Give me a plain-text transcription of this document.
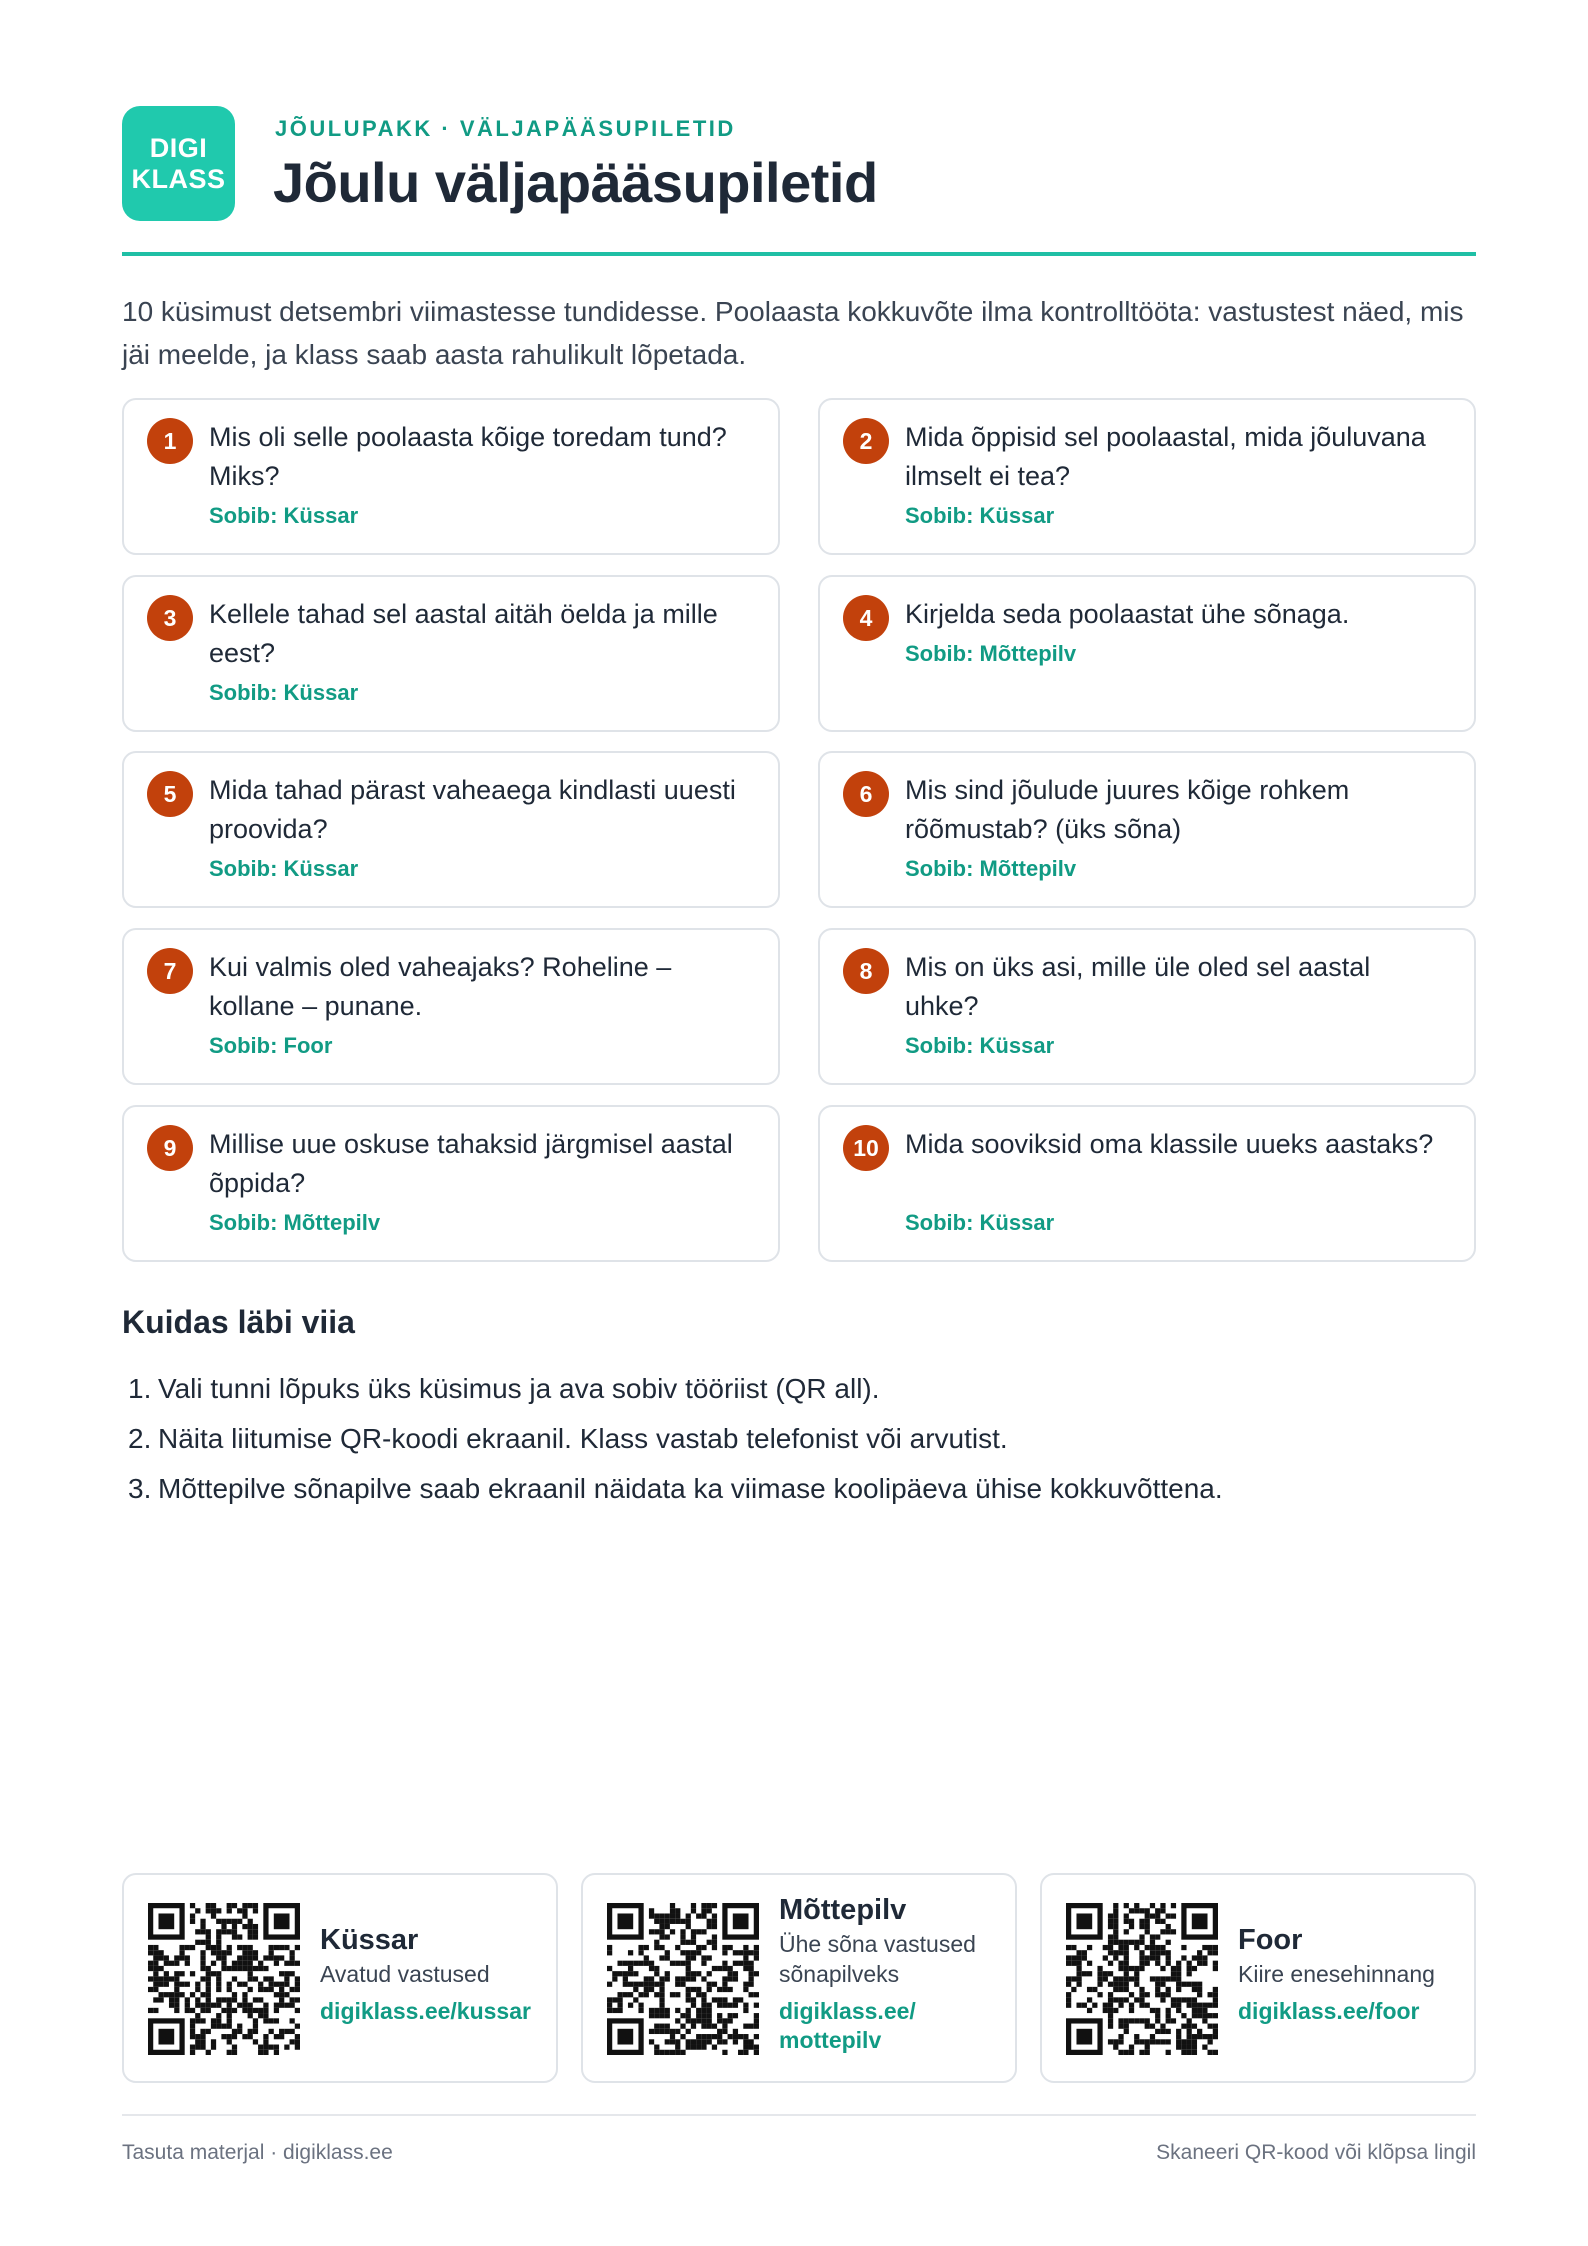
DIGI
KLASS
JÕULUPAKK · VÄLJAPÄÄSUPILETID
Jõulu väljapääsupiletid
10 küsimust detsembri viimastesse tundidesse. Poolaasta kokkuvõte ilma kontrolltööta: vastustest näed, mis jäi meelde, ja klass saab aasta rahulikult lõpetada.
1	Mis oli selle poolaasta kõige toredam tund? Miks?
Sobib: Küssar
2	Mida õppisid sel poolaastal, mida jõuluvana ilmselt ei tea?
Sobib: Küssar
3	Kellele tahad sel aastal aitäh öelda ja mille eest?
Sobib: Küssar
4	Kirjelda seda poolaastat ühe sõnaga.
Sobib: Mõttepilv
5	Mida tahad pärast vaheaega kindlasti uuesti proovida?
Sobib: Küssar
6	Mis sind jõulude juures kõige rohkem rõõmustab? (üks sõna)
Sobib: Mõttepilv
7	Kui valmis oled vaheajaks? Roheline – kollane – punane.
Sobib: Foor
8	Mis on üks asi, mille üle oled sel aastal uhke?
Sobib: Küssar
9	Millise uue oskuse tahaksid järgmisel aastal õppida?
Sobib: Mõttepilv
10 Mida sooviksid oma klassile uueks aastaks?
Sobib: Küssar
Kuidas läbi viia
1. Vali tunni lõpuks üks küsimus ja ava sobiv tööriist (QR all).
2. Näita liitumise QR-koodi ekraanil. Klass vastab telefonist või arvutist.
3. Mõttepilve sõnapilve saab ekraanil näidata ka viimase koolipäeva ühise kokkuvõttena.
Küssar
Avatud vastused
digiklass.ee/kussar
Mõttepilv
Ühe sõna vastused
sõnapilveks
digiklass.ee/
mottepilv
Foor
Kiire enesehinnang
digiklass.ee/foor
Tasuta materjal · digiklass.ee	Skaneeri QR-kood või klõpsa lingil
